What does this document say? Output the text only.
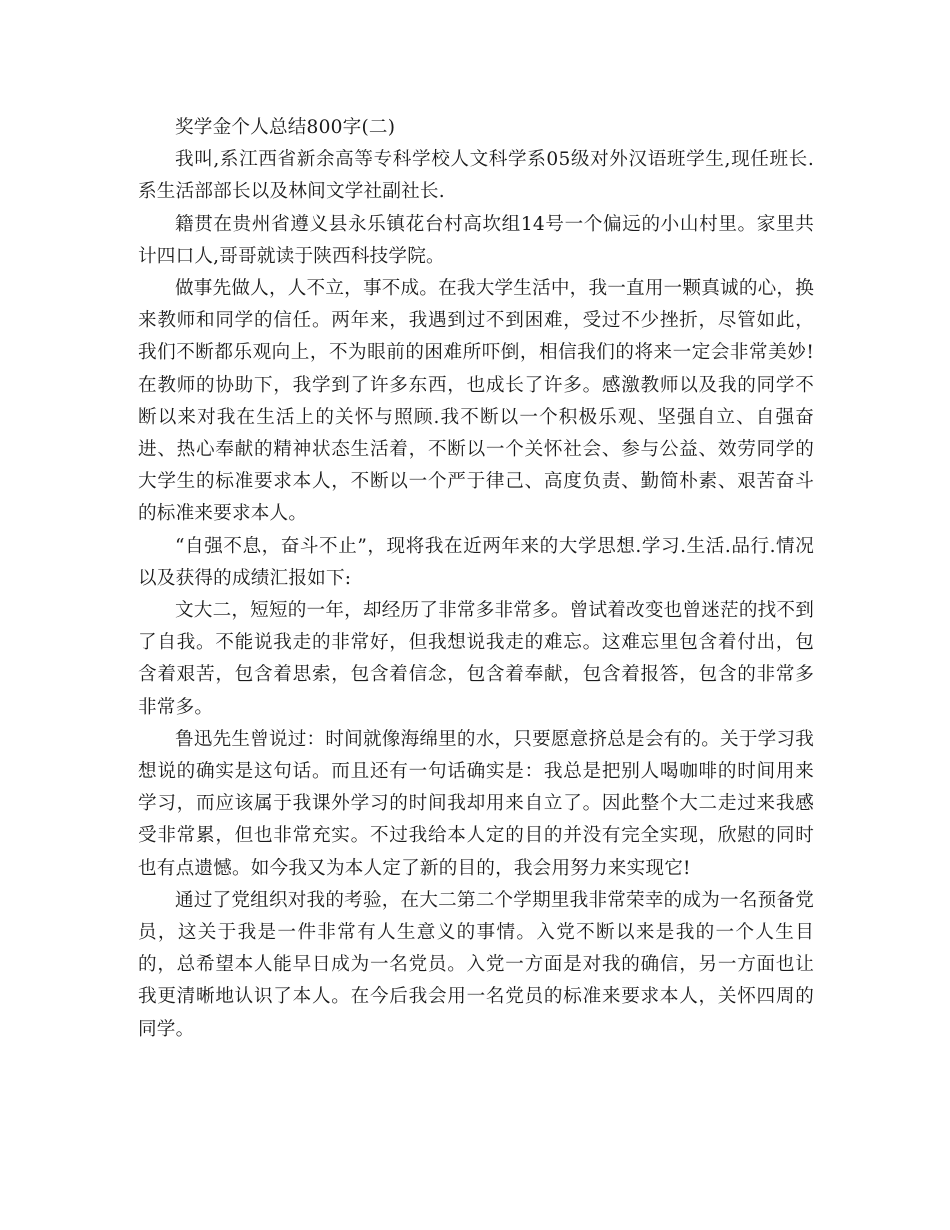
奖学金个人总结800字(二)

我叫,系江西省新余高等专科学校人文科学系05级对外汉语班学生,现任班长.系生活部部长以及林间文学社副社长.

籍贯在贵州省遵义县永乐镇花台村高坎组14号一个偏远的小山村里。家里共计四口人,哥哥就读于陕西科技学院。

做事先做人，人不立，事不成。在我大学生活中，我一直用一颗真诚的心，换来教师和同学的信任。两年来，我遇到过不到困难，受过不少挫折，尽管如此，我们不断都乐观向上，不为眼前的困难所吓倒，相信我们的将来一定会非常美妙!在教师的协助下，我学到了许多东西，也成长了许多。感激教师以及我的同学不断以来对我在生活上的关怀与照顾.我不断以一个积极乐观、坚强自立、自强奋进、热心奉献的精神状态生活着，不断以一个关怀社会、参与公益、效劳同学的大学生的标准要求本人，不断以一个严于律己、高度负责、勤简朴素、艰苦奋斗的标准来要求本人。

“自强不息，奋斗不止”，现将我在近两年来的大学思想.学习.生活.品行.情况以及获得的成绩汇报如下:

文大二，短短的一年，却经历了非常多非常多。曾试着改变也曾迷茫的找不到了自我。不能说我走的非常好，但我想说我走的难忘。这难忘里包含着付出，包含着艰苦，包含着思索，包含着信念，包含着奉献，包含着报答，包含的非常多非常多。

鲁迅先生曾说过：时间就像海绵里的水，只要愿意挤总是会有的。关于学习我想说的确实是这句话。而且还有一句话确实是：我总是把别人喝咖啡的时间用来学习，而应该属于我课外学习的时间我却用来自立了。因此整个大二走过来我感受非常累，但也非常充实。不过我给本人定的目的并没有完全实现，欣慰的同时也有点遗憾。如今我又为本人定了新的目的，我会用努力来实现它!

通过了党组织对我的考验，在大二第二个学期里我非常荣幸的成为一名预备党员，这关于我是一件非常有人生意义的事情。入党不断以来是我的一个人生目的，总希望本人能早日成为一名党员。入党一方面是对我的确信，另一方面也让我更清晰地认识了本人。在今后我会用一名党员的标准来要求本人，关怀四周的同学。
